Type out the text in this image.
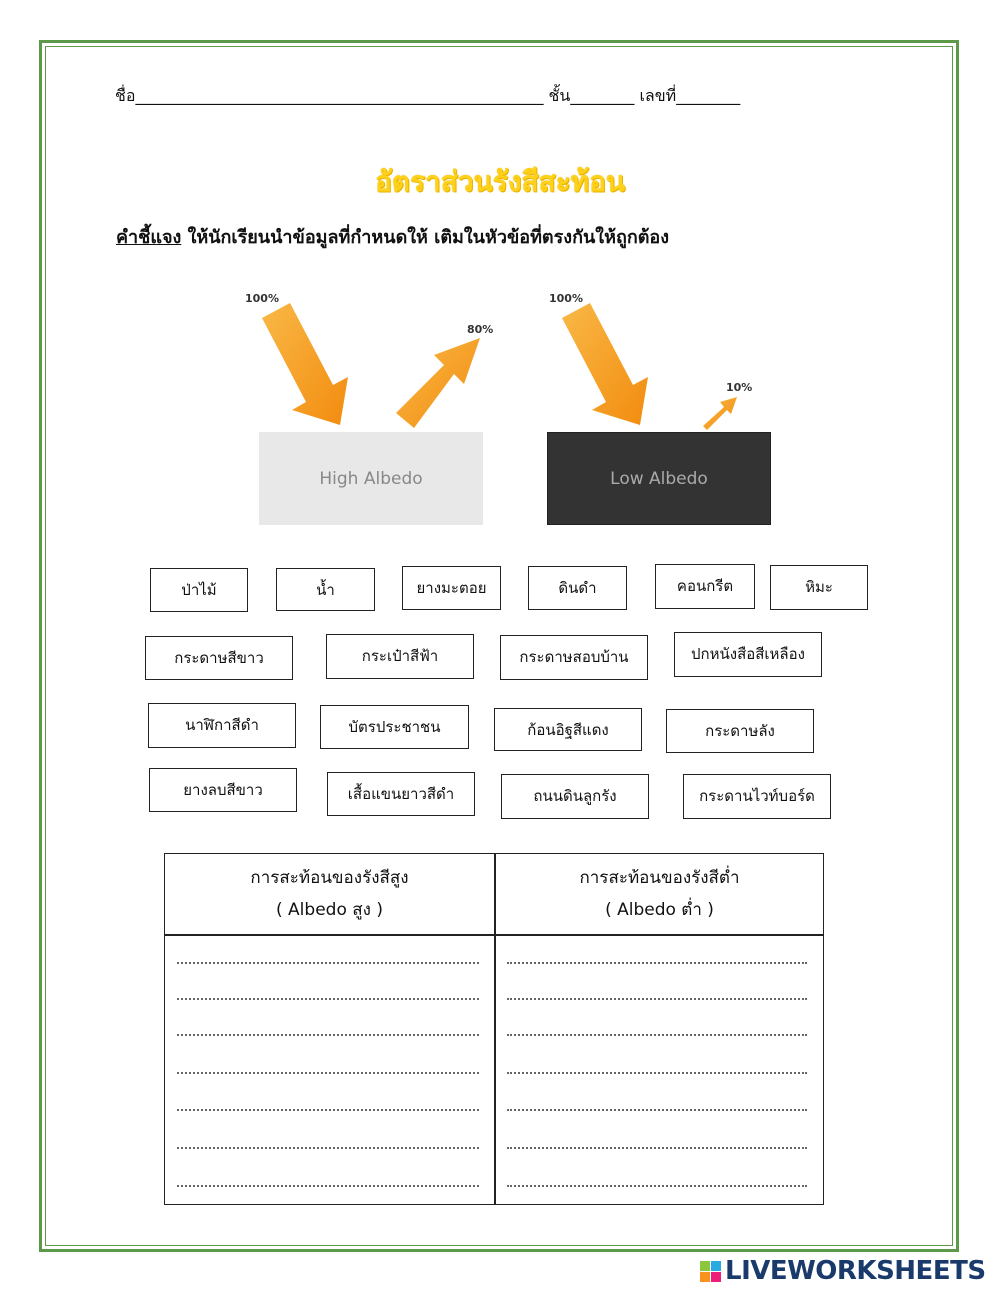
ชื่อ___________________________________________________ ชั้น________ เลขที่________
อัตราส่วนรังสีสะท้อน
คำชี้แจง ให้นักเรียนนำข้อมูลที่กำหนดให้ เติมในหัวข้อที่ตรงกันให้ถูกต้อง
100%
80%
100%
10%
High Albedo	Low Albedo
ป่าไม้	น้ำ	ยางมะตอย	ดินดำ	คอนกรีต	หิมะ
กระดาษสีขาว	กระเป๋าสีฟ้า	กระดาษสอบบ้าน	ปกหนังสือสีเหลือง
นาฬิกาสีดำ	บัตรประชาชน	ก้อนอิฐสีแดง	กระดาษลัง
ยางลบสีขาว	เสื้อแขนยาวสีดำ	ถนนดินลูกรัง	กระดานไวท์บอร์ด
การสะท้อนของรังสีสูง
( Albedo สูง )
การสะท้อนของรังสีต่ำ
( Albedo ต่ำ )
LIVEWORKSHEETS
